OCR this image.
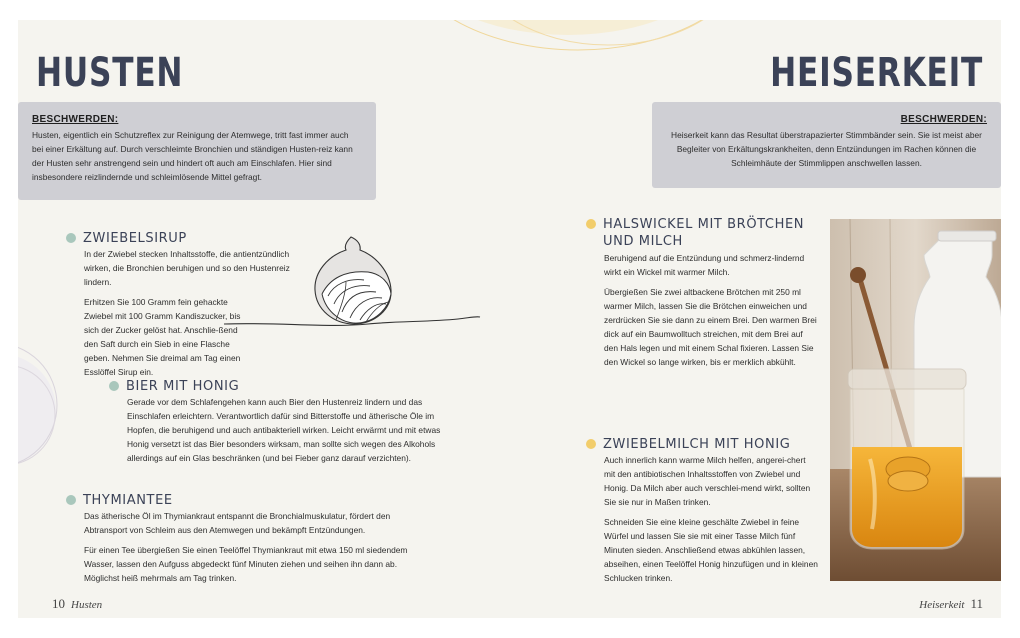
HUSTEN
BESCHWERDEN:
Husten, eigentlich ein Schutzreflex zur Reinigung der Atemwege, tritt fast immer auch bei einer Erkältung auf. Durch verschleimte Bronchien und ständigen Husten-reiz kann der Husten sehr anstrengend sein und hindert oft auch am Einschlafen. Hier sind insbesondere reizlindernde und schleimlösende Mittel gefragt.
ZWIEBELSIRUP

In der Zwiebel stecken Inhaltsstoffe, die antientzündlich wirken, die Bronchien beruhigen und so den Hustenreiz lindern.

Erhitzen Sie 100 Gramm fein gehackte Zwiebel mit 100 Gramm Kandiszucker, bis sich der Zucker gelöst hat. Anschlie-ßend den Saft durch ein Sieb in eine Flasche geben. Nehmen Sie dreimal am Tag einen Esslöffel Sirup ein.

BIER MIT HONIG

Gerade vor dem Schlafengehen kann auch Bier den Hustenreiz lindern und das Einschlafen erleichtern. Verantwortlich dafür sind Bitterstoffe und ätherische Öle im Hopfen, die beruhigend und auch antibakteriell wirken. Leicht erwärmt und mit etwas Honig versetzt ist das Bier besonders wirksam, man sollte sich wegen des Alkohols allerdings auf ein Glas beschränken (und bei Fieber ganz darauf verzichten).

THYMIANTEE

Das ätherische Öl im Thymiankraut entspannt die Bronchialmuskulatur, fördert den Abtransport von Schleim aus den Atemwegen und bekämpft Entzündungen.

Für einen Tee übergießen Sie einen Teelöffel Thymiankraut mit etwa 150 ml siedendem Wasser, lassen den Aufguss abgedeckt fünf Minuten ziehen und seihen ihn dann ab. Möglichst heiß mehrmals am Tag trinken.

10 Husten
HEISERKEIT
BESCHWERDEN:
Heiserkeit kann das Resultat überstrapazierter Stimmbänder sein. Sie ist meist aber Begleiter von Erkältungskrankheiten, denn Entzündungen im Rachen können die Schleimhäute der Stimmlippen anschwellen lassen.
HALSWICKEL MIT BRÖTCHEN UND MILCH

Beruhigend auf die Entzündung und schmerz-lindernd wirkt ein Wickel mit warmer Milch.

Übergießen Sie zwei altbackene Brötchen mit 250 ml warmer Milch, lassen Sie die Brötchen einweichen und zerdrücken Sie sie dann zu einem Brei. Den warmen Brei dick auf ein Baumwolltuch streichen, mit dem Brei auf den Hals legen und mit einem Schal fixieren. Lassen Sie den Wickel so lange wirken, bis er merklich abkühlt.

ZWIEBELMILCH MIT HONIG

Auch innerlich kann warme Milch helfen, angerei-chert mit den antibiotischen Inhaltsstoffen von Zwiebel und Honig. Da Milch aber auch verschlei-mend wirkt, sollten Sie sie nur in Maßen trinken.

Schneiden Sie eine kleine geschälte Zwiebel in feine Würfel und lassen Sie sie mit einer Tasse Milch fünf Minuten sieden. Anschließend etwas abkühlen lassen, abseihen, einen Teelöffel Honig hinzufügen und in kleinen Schlucken trinken.

Heiserkeit 11
